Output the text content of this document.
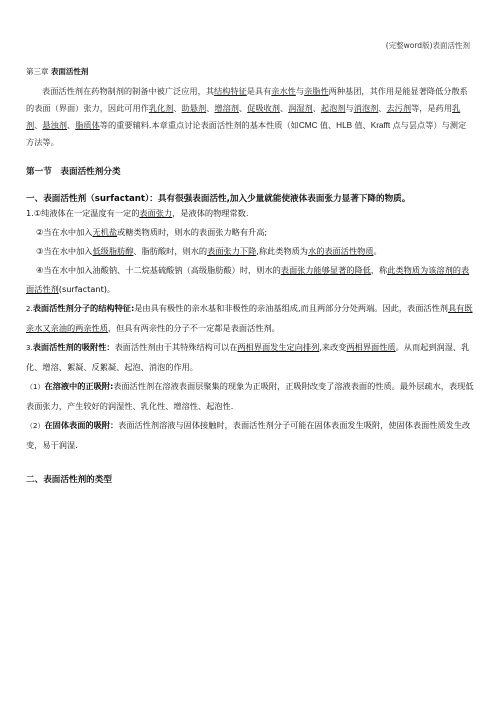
(完整word版)表面活性剂
第三章 表面活性剂

表面活性剂在药物制剂的制备中被广泛应用，其结构特征是具有亲水性与亲脂性两种基团，其作用是能显著降低分散系的表面（界面）张力，因此可用作乳化剂、助悬剂、增溶剂、促吸收剂、润湿剂、起泡剂与消泡剂、去污剂等，是药用乳剂、悬浊剂、脂质体等的重要辅料.本章重点讨论表面活性剂的基本性质（如CMC 值、HLB 值、Krafft 点与昙点等）与测定方法等。

第一节　表面活性剂分类
一、表面活性剂（surfactant）：具有很强表面活性,加入少量就能使液体表面张力显著下降的物质。

1.①纯液体在一定温度有一定的表面张力，是液体的物理常数.

②当在水中加入无机盐或糖类物质时，则水的表面张力略有升高;

③当在水中加入低级脂肪醇、脂肪酸时，则水的表面张力下降,称此类物质为水的表面活性物质。

④当在水中加入油酸钠、十二烷基硫酸钠（高级脂肪酸）时，则水的表面张力能够显著的降低，称此类物质为该溶剂的表面活性剂(surfactant)。

2.表面活性剂分子的结构特征:是由具有极性的亲水基和非极性的亲油基组成,而且两部分分处两端。因此，表面活性剂具有既亲水又亲油的两亲性质，但具有两亲性的分子不一定都是表面活性剂。

3.表面活性剂的吸附性：表面活性剂由于其特殊结构可以在两相界面发生定向排列,来改变两相界面性质。从而起到润湿、乳化、增溶、絮凝、反絮凝、起泡、消泡的作用。

（1）在溶液中的正吸附:表面活性剂在溶液表面层聚集的现象为正吸附，正吸附改变了溶液表面的性质。最外层疏水，表现低表面张力，产生较好的润湿性、乳化性、增溶性、起泡性.

（2）在固体表面的吸附：表面活性剂溶液与固体接触时，表面活性剂分子可能在固体表面发生吸附，使固体表面性质发生改变，易于润湿.

二、表面活性剂的类型
